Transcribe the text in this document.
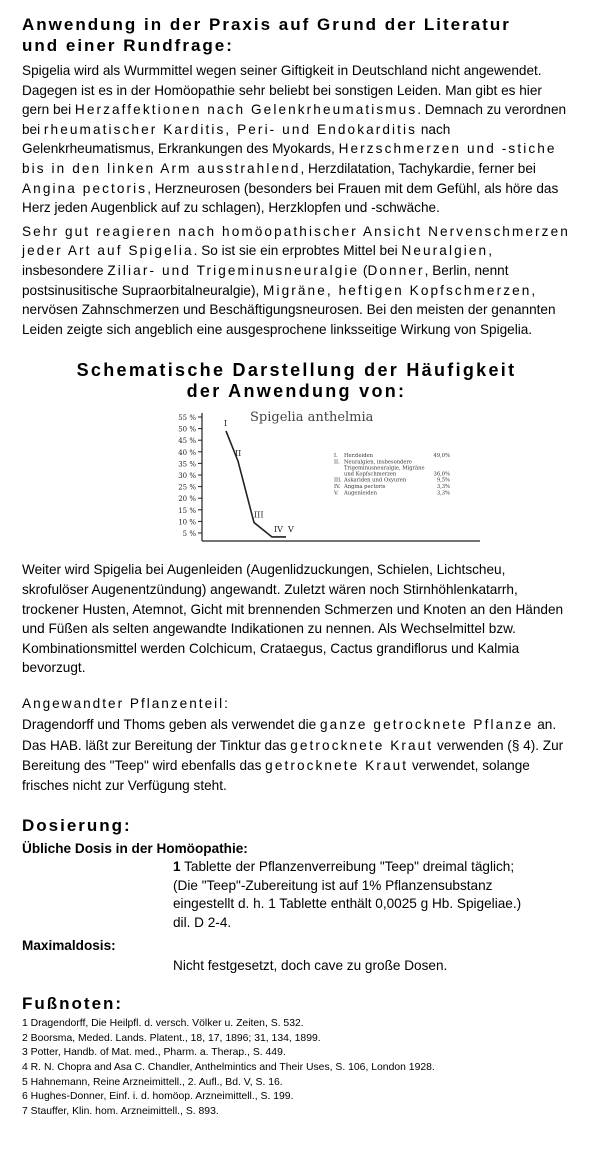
Anwendung in der Praxis auf Grund der Literatur
und einer Rundfrage:

Spigelia wird als Wurmmittel wegen seiner Giftigkeit in Deutschland nicht angewendet. Dagegen ist es in der Homöopathie sehr beliebt bei sonstigen Leiden. Man gibt es hier gern bei Herzaffektionen nach Gelenkrheumatismus. Demnach zu verordnen bei rheumatischer Karditis, Peri- und Endokarditis nach Gelenkrheumatismus, Erkrankungen des Myokards, Herzschmerzen und -stiche bis in den linken Arm ausstrahlend, Herzdilatation, Tachykardie, ferner bei Angina pectoris, Herzneurosen (besonders bei Frauen mit dem Gefühl, als höre das Herz jeden Augenblick auf zu schlagen), Herzklopfen und -schwäche.

Sehr gut reagieren nach homöopathischer Ansicht Nervenschmerzen jeder Art auf Spigelia. So ist sie ein erprobtes Mittel bei Neuralgien, insbesondere Ziliar- und Trigeminusneuralgie (Donner, Berlin, nennt postsinusitische Supraorbitalneuralgie), Migräne, heftigen Kopfschmerzen, nervösen Zahnschmerzen und Beschäftigungsneurosen. Bei den meisten der genannten Leiden zeigte sich angeblich eine ausgesprochene linksseitige Wirkung von Spigelia.

Schematische Darstellung der Häufigkeit
der Anwendung von:
55 %
50 %
45 %
40 %
35 %
30 %
25 %
20 %
15 %
10 %
5 %
I
II
III
IV V
Spigelia anthelmia
I. Herzleiden	49,0%
II. Neuralgien, insbesondere Trigeminusneuralgie, Migräne und Kopfschmerzen	36,0%
III. Askariden und Oxyuren	9,5%
IV. Angina pectoris	3,3%
V. Augenleiden	3,3%

Weiter wird Spigelia bei Augenleiden (Augenlidzuckungen, Schielen, Lichtscheu, skrofulöser Augenentzündung) angewandt. Zuletzt wären noch Stirnhöhlenkatarrh, trockener Husten, Atemnot, Gicht mit brennenden Schmerzen und Knoten an den Händen und Füßen als selten angewandte Indikationen zu nennen. Als Wechselmittel bzw. Kombinationsmittel werden Colchicum, Crataegus, Cactus grandiflorus und Kalmia bevorzugt.

Angewandter Pflanzenteil:

Dragendorff und Thoms geben als verwendet die ganze getrocknete Pflanze an.

Das HAB. läßt zur Bereitung der Tinktur das getrocknete Kraut verwenden (§ 4). Zur Bereitung des "Teep" wird ebenfalls das getrocknete Kraut verwendet, solange frisches nicht zur Verfügung steht.

Dosierung:
Übliche Dosis in der Homöopathie:
1 Tablette der Pflanzenverreibung "Teep" dreimal täglich;
(Die "Teep"-Zubereitung ist auf 1% Pflanzensubstanz
eingestellt d. h. 1 Tablette enthält 0,0025 g Hb. Spigeliae.)
dil. D 2-4.
Maximaldosis:
Nicht festgesetzt, doch cave zu große Dosen.
Fußnoten:
1 Dragendorff, Die Heilpfl. d. versch. Völker u. Zeiten, S. 532.
2 Boorsma, Meded. Lands. Platent., 18, 17, 1896; 31, 134, 1899.
3 Potter, Handb. of Mat. med., Pharm. a. Therap., S. 449.
4 R. N. Chopra and Asa C. Chandler, Anthelmintics and Their Uses, S. 106, London 1928.
5 Hahnemann, Reine Arzneimittell., 2. Aufl., Bd. V, S. 16.
6 Hughes-Donner, Einf. i. d. homöop. Arzneimittell., S. 199.
7 Stauffer, Klin. hom. Arzneimittell., S. 893.
